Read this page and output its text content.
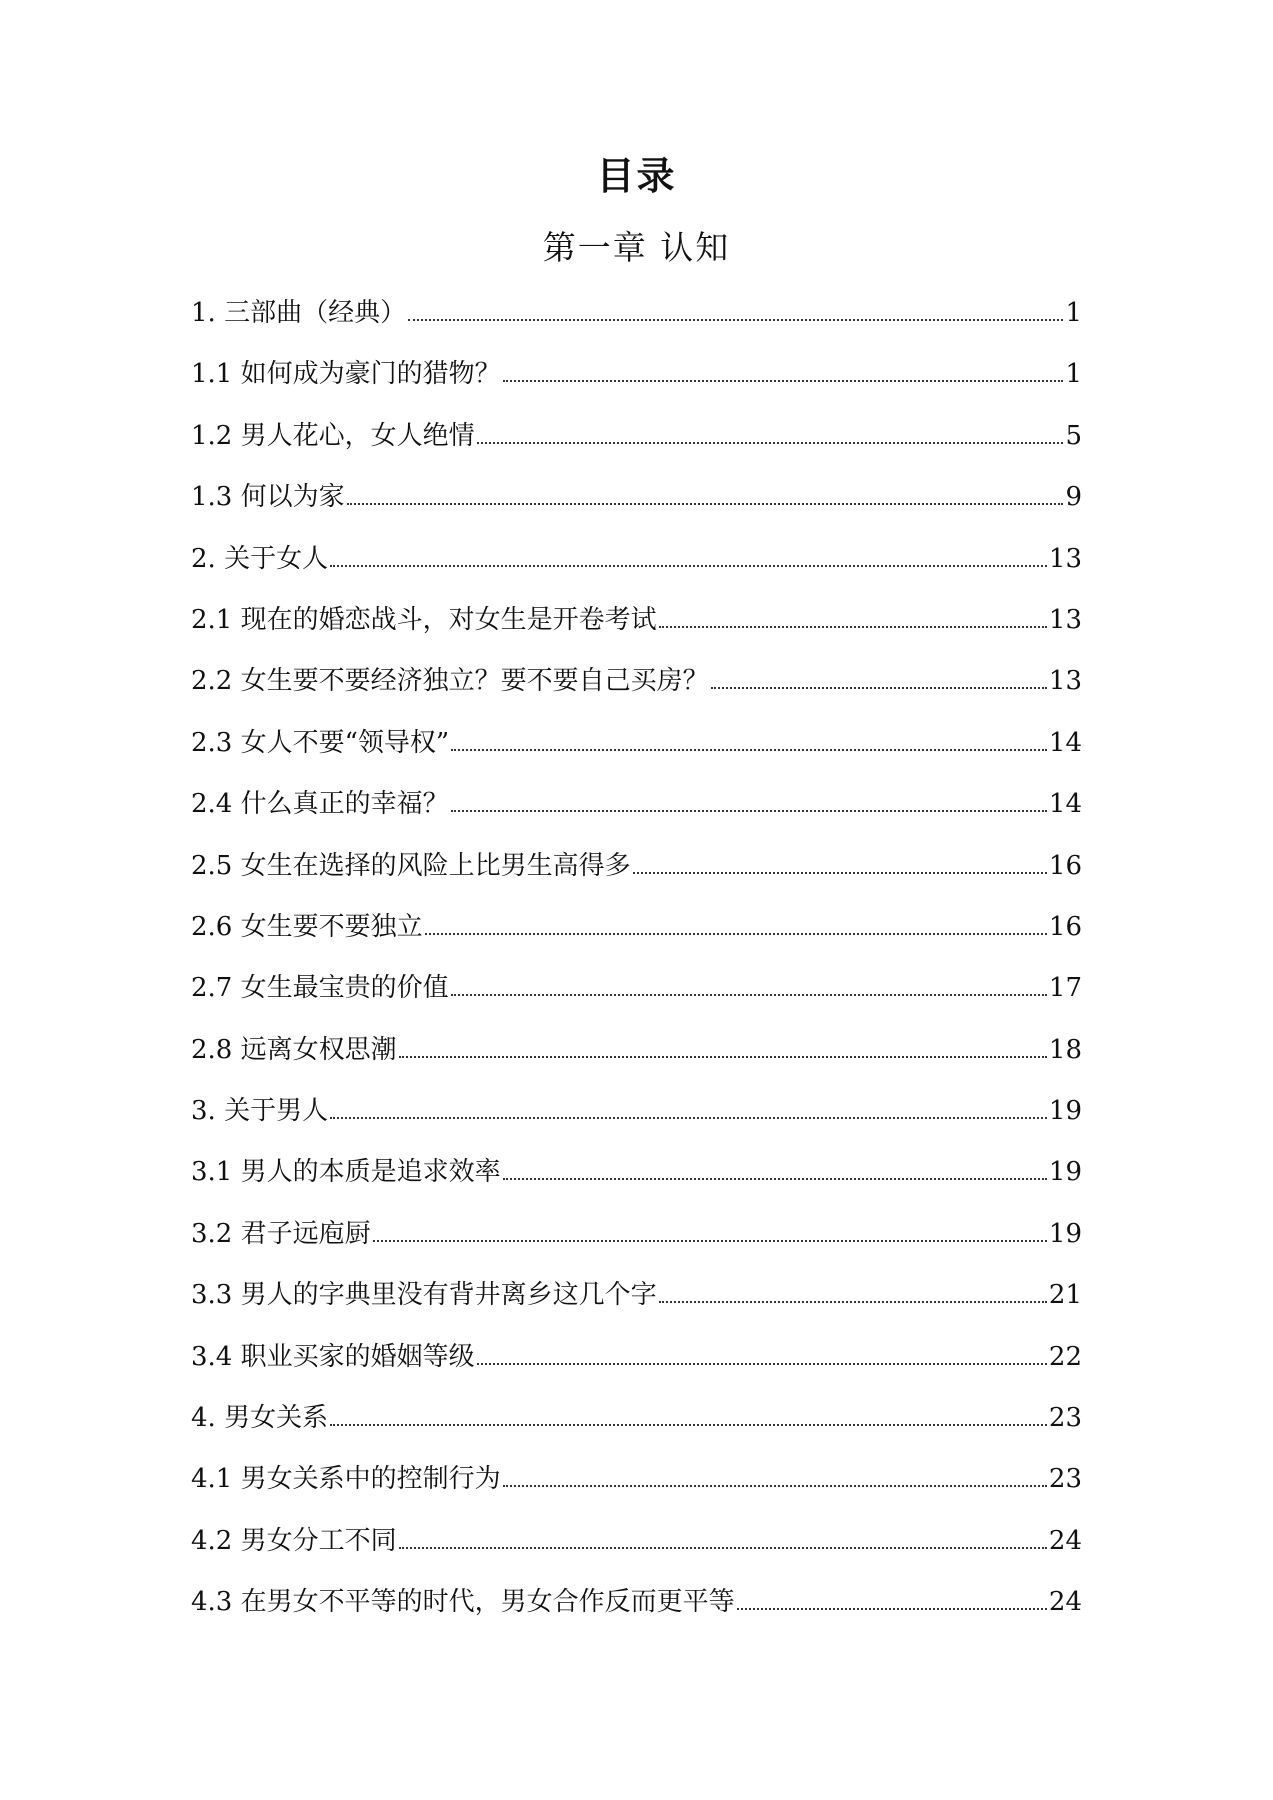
目录
第一章 认知
1. 三部曲（经典）	1
1.1 如何成为豪门的猎物？	1
1.2 男人花心，女人绝情	5
1.3 何以为家	9
2. 关于女人	13
2.1 现在的婚恋战斗，对女生是开卷考试	13
2.2 女生要不要经济独立？要不要自己买房？	13
2.3 女人不要“领导权”	14
2.4 什么真正的幸福？	14
2.5 女生在选择的风险上比男生高得多	16
2.6 女生要不要独立	16
2.7 女生最宝贵的价值	17
2.8 远离女权思潮	18
3. 关于男人	19
3.1 男人的本质是追求效率	19
3.2 君子远庖厨	19
3.3 男人的字典里没有背井离乡这几个字	21
3.4 职业买家的婚姻等级	22
4. 男女关系	23
4.1 男女关系中的控制行为	23
4.2 男女分工不同	24
4.3 在男女不平等的时代，男女合作反而更平等	24
